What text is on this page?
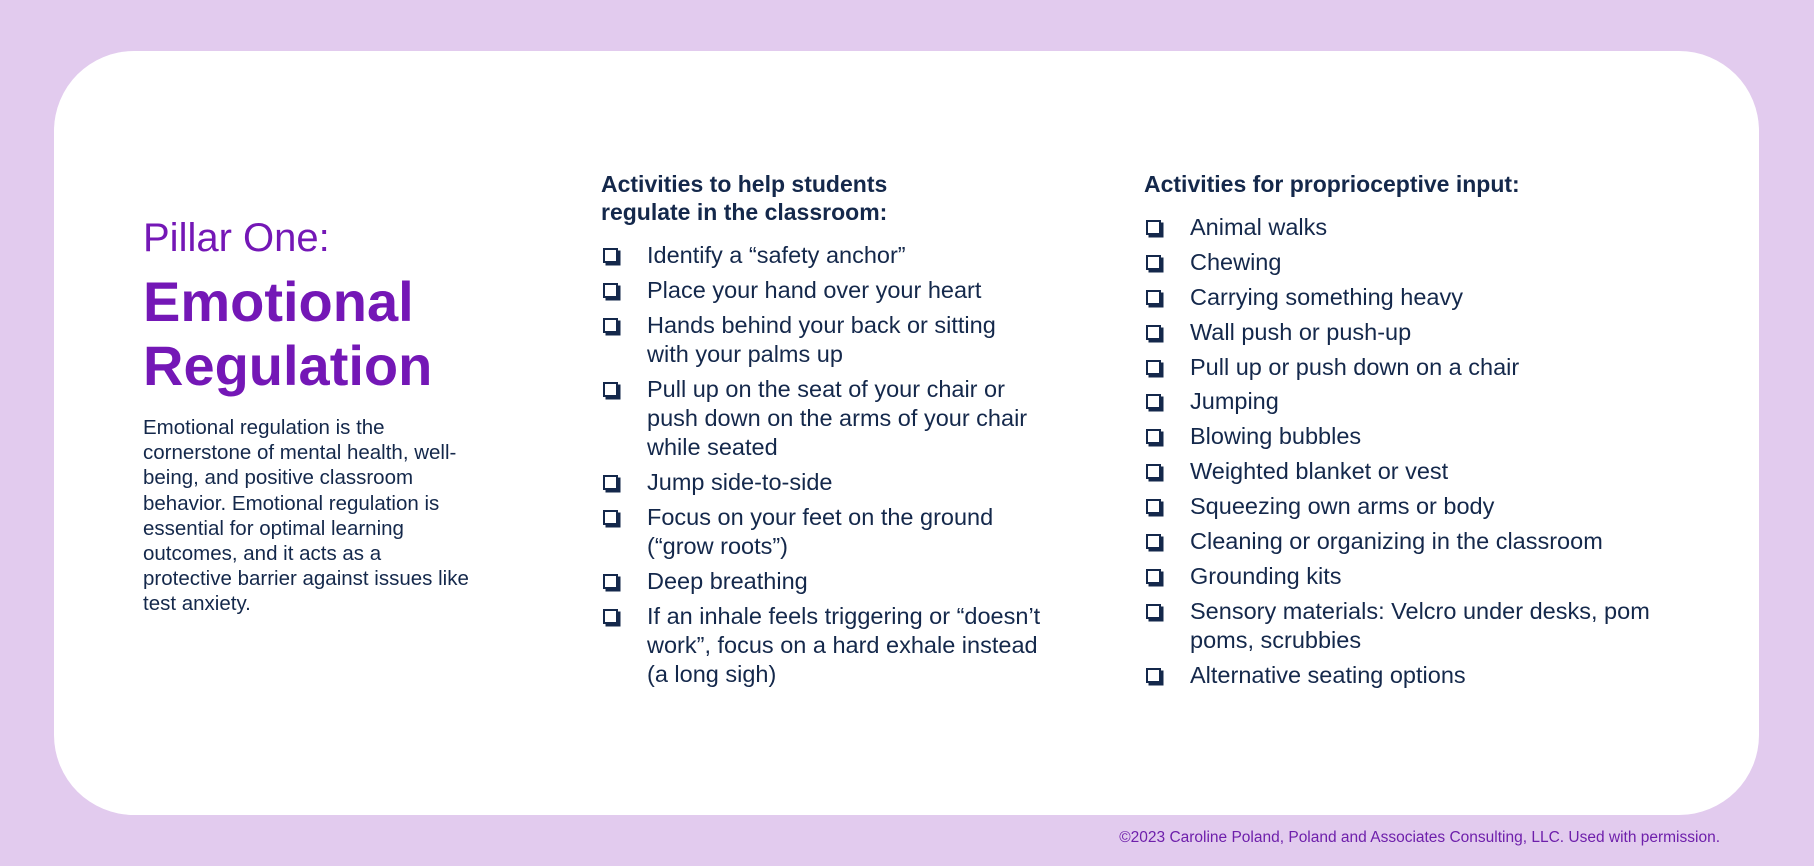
Pillar One:
Emotional
Regulation

Emotional regulation is the cornerstone of mental health, well-being, and positive classroom behavior. Emotional regulation is essential for optimal learning outcomes, and it acts as a protective barrier against issues like test anxiety.

Activities to help students regulate in the classroom:
Identify a “safety anchor”
Place your hand over your heart
Hands behind your back or sitting with your palms up
Pull up on the seat of your chair or push down on the arms of your chair while seated
Jump side-to-side
Focus on your feet on the ground (“grow roots”)
Deep breathing
If an inhale feels triggering or “doesn’t work”, focus on a hard exhale instead (a long sigh)
Activities for proprioceptive input:
Animal walks
Chewing
Carrying something heavy
Wall push or push-up
Pull up or push down on a chair
Jumping
Blowing bubbles
Weighted blanket or vest
Squeezing own arms or body
Cleaning or organizing in the classroom
Grounding kits
Sensory materials: Velcro under desks, pom poms, scrubbies
Alternative seating options
©2023 Caroline Poland, Poland and Associates Consulting, LLC. Used with permission.
